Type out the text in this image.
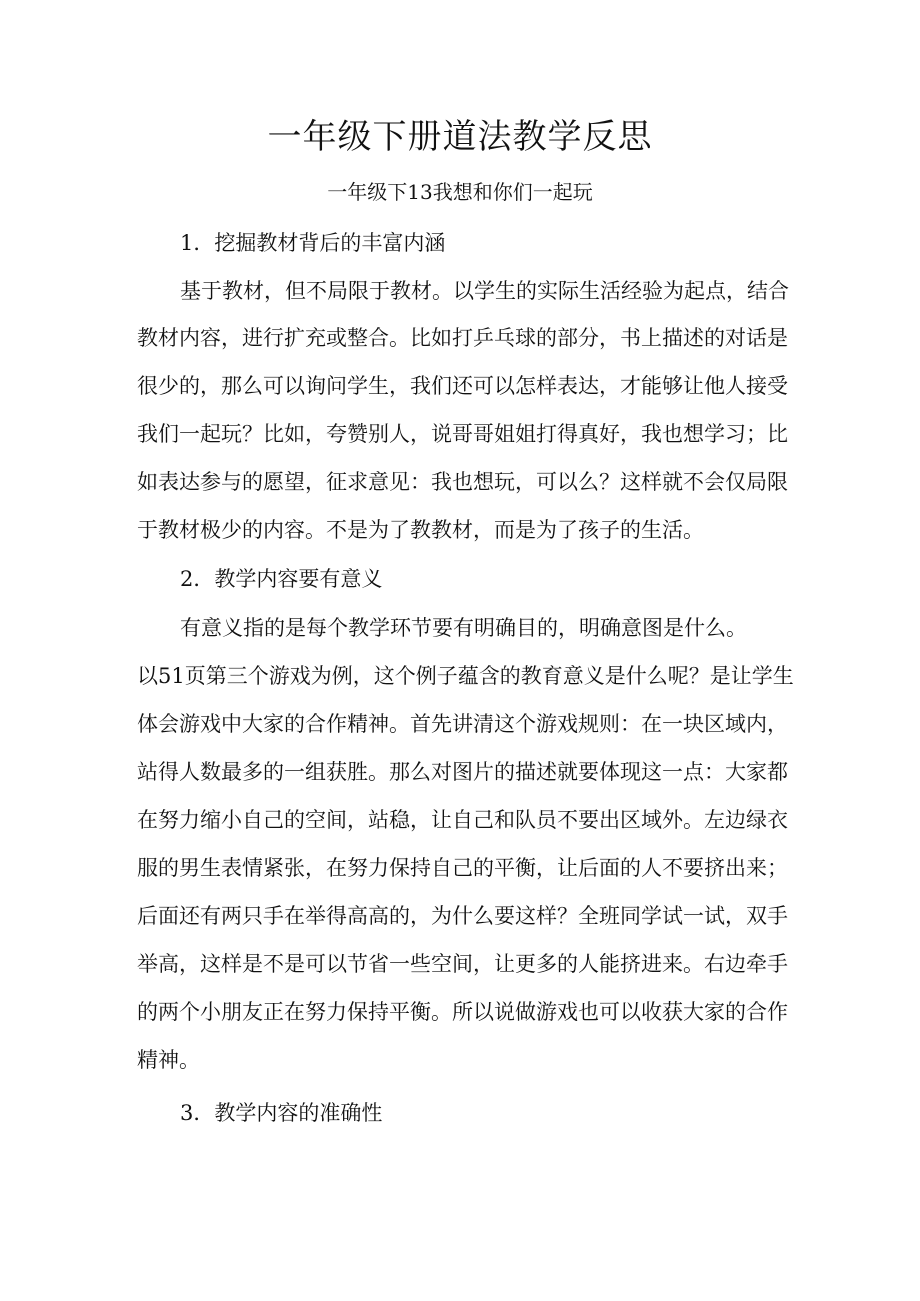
一年级下册道法教学反思
一年级下13我想和你们一起玩

1．挖掘教材背后的丰富内涵

基于教材，但不局限于教材。以学生的实际生活经验为起点，结合

教材内容，进行扩充或整合。比如打乒乓球的部分，书上描述的对话是

很少的，那么可以询问学生，我们还可以怎样表达，才能够让他人接受

我们一起玩？比如，夸赞别人，说哥哥姐姐打得真好，我也想学习；比

如表达参与的愿望，征求意见：我也想玩，可以么？这样就不会仅局限

于教材极少的内容。不是为了教教材，而是为了孩子的生活。

2．教学内容要有意义

有意义指的是每个教学环节要有明确目的，明确意图是什么。

以51页第三个游戏为例，这个例子蕴含的教育意义是什么呢？是让学生

体会游戏中大家的合作精神。首先讲清这个游戏规则：在一块区域内，

站得人数最多的一组获胜。那么对图片的描述就要体现这一点：大家都

在努力缩小自己的空间，站稳，让自己和队员不要出区域外。左边绿衣

服的男生表情紧张，在努力保持自己的平衡，让后面的人不要挤出来；

后面还有两只手在举得高高的，为什么要这样？全班同学试一试，双手

举高，这样是不是可以节省一些空间，让更多的人能挤进来。右边牵手

的两个小朋友正在努力保持平衡。所以说做游戏也可以收获大家的合作

精神。

3．教学内容的准确性
